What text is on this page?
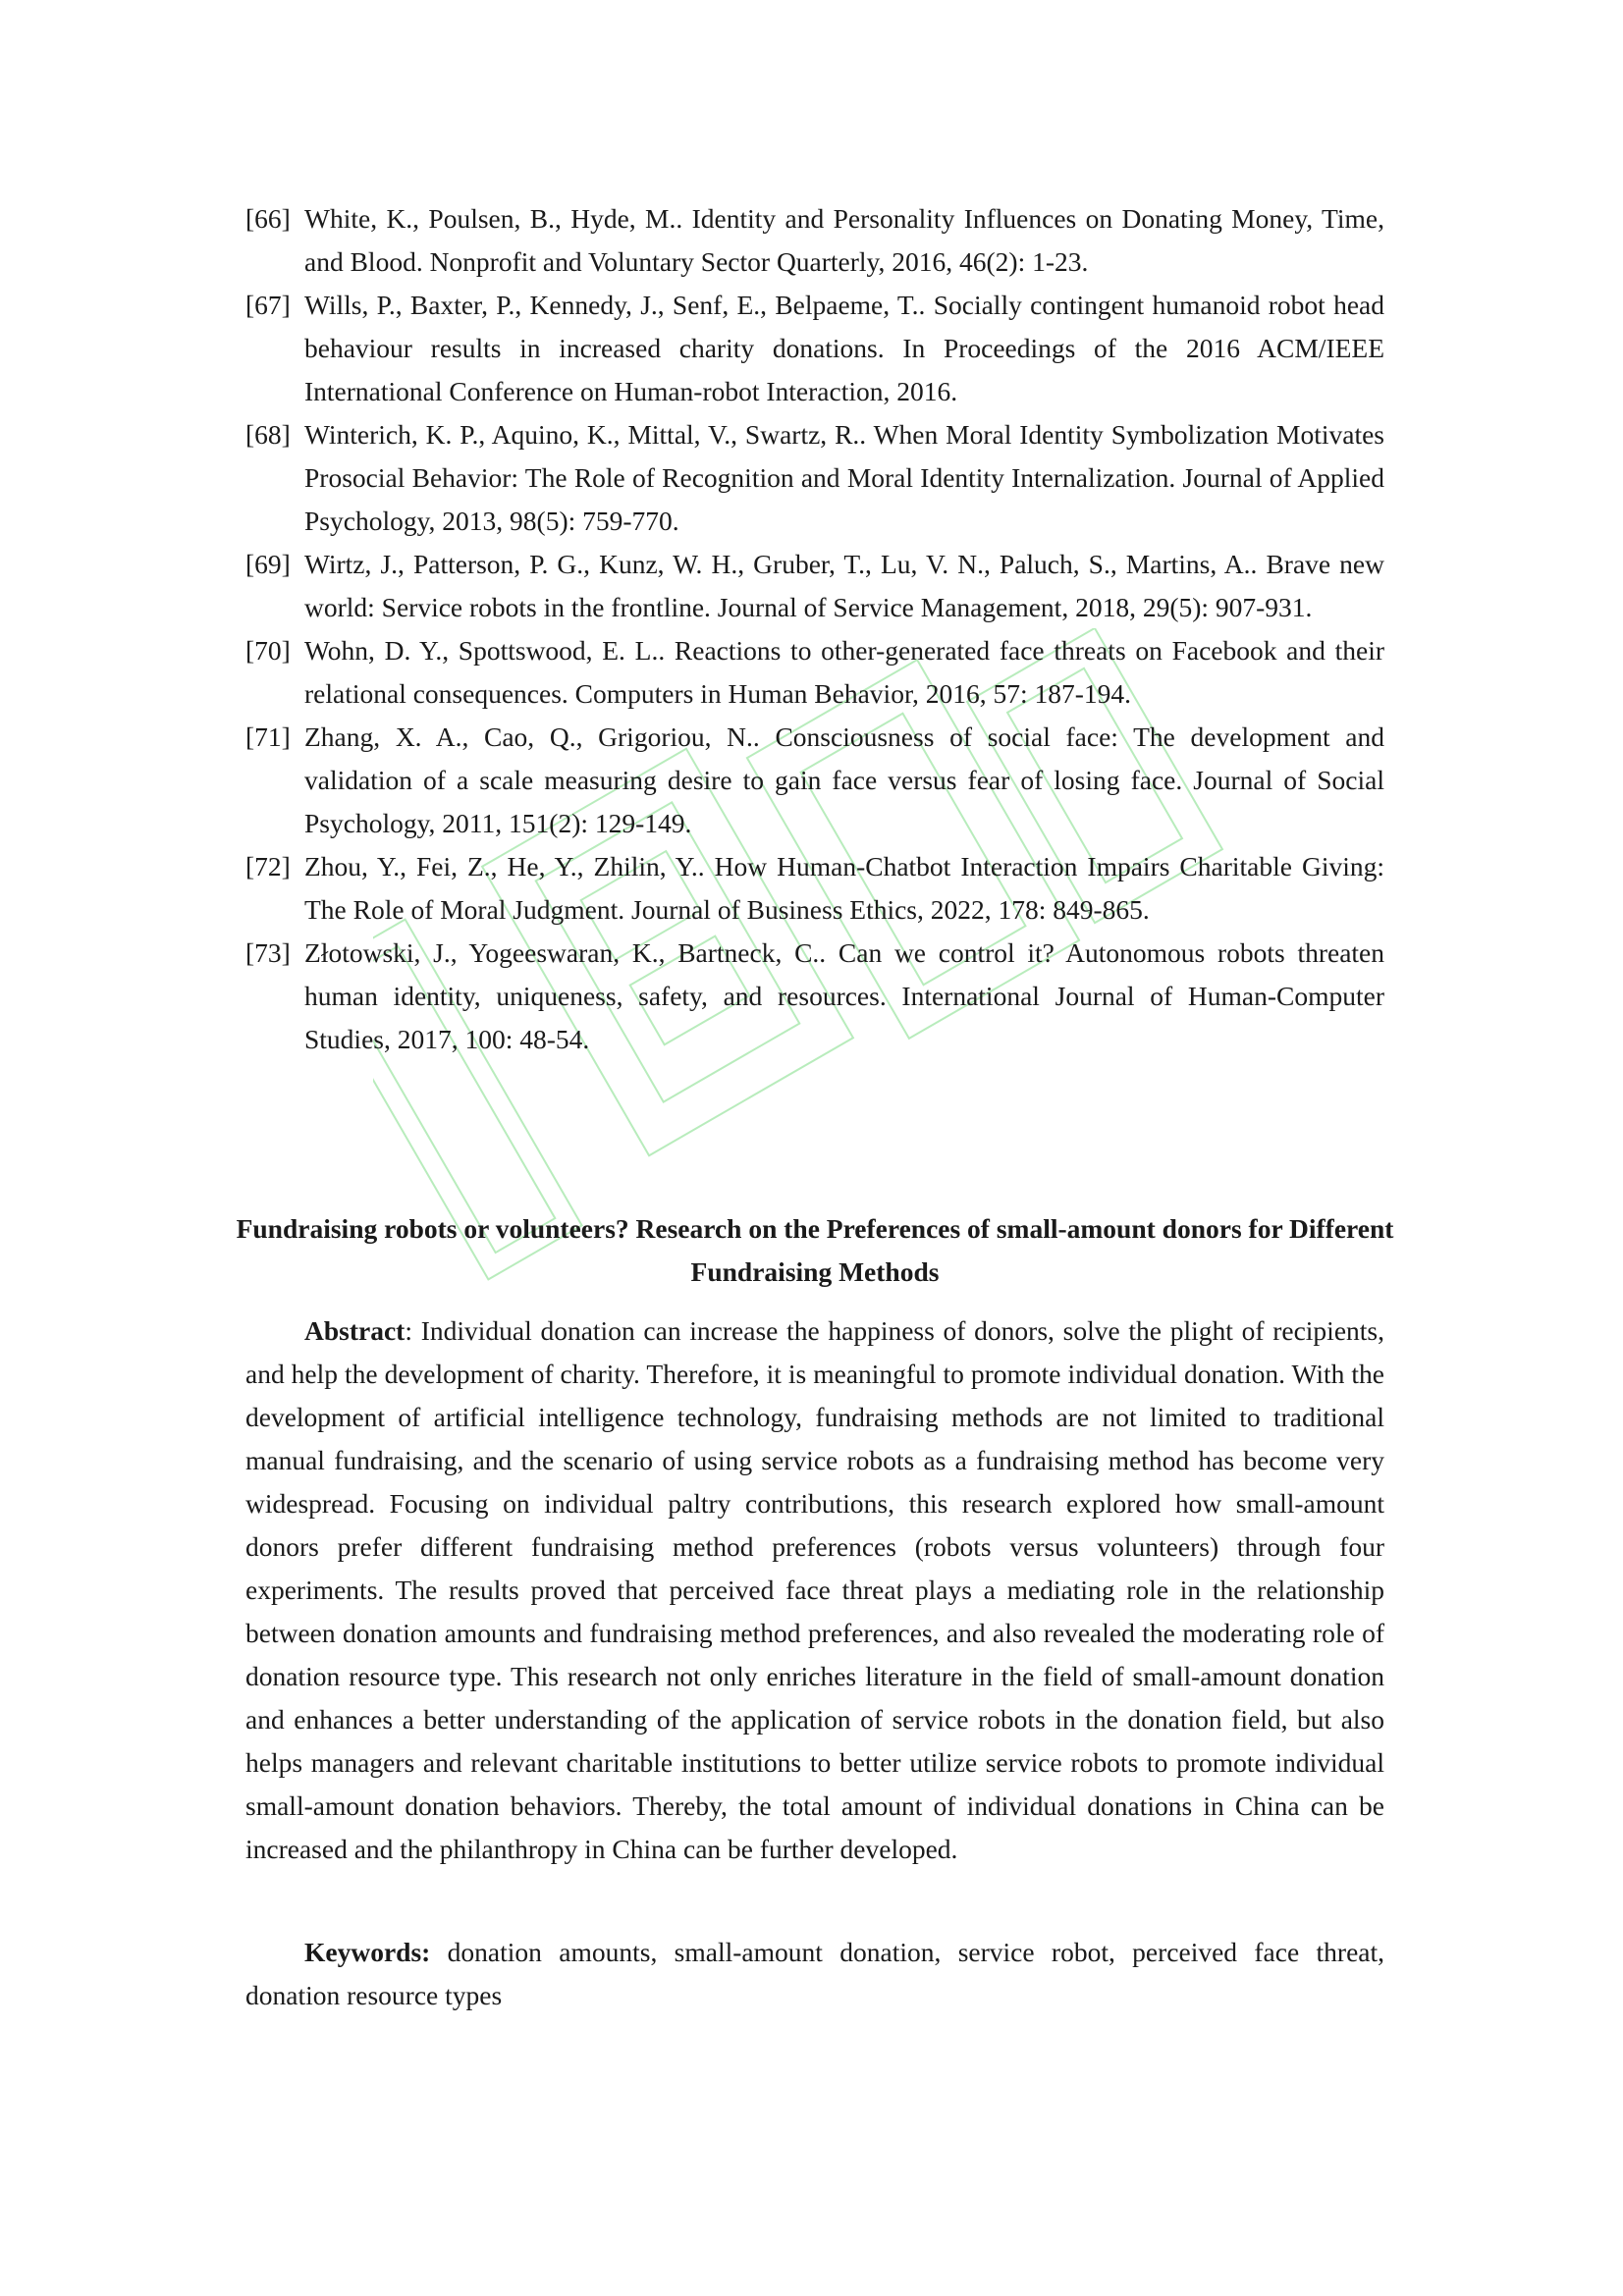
[66] White, K., Poulsen, B., Hyde, M.. Identity and Personality Influences on Donating Money, Time, and Blood. Nonprofit and Voluntary Sector Quarterly, 2016, 46(2): 1-23.
[67] Wills, P., Baxter, P., Kennedy, J., Senf, E., Belpaeme, T.. Socially contingent humanoid robot head behaviour results in increased charity donations. In Proceedings of the 2016 ACM/IEEE International Conference on Human-robot Interaction, 2016.
[68] Winterich, K. P., Aquino, K., Mittal, V., Swartz, R.. When Moral Identity Symbolization Motivates Prosocial Behavior: The Role of Recognition and Moral Identity Internalization. Journal of Applied Psychology, 2013, 98(5): 759-770.
[69] Wirtz, J., Patterson, P. G., Kunz, W. H., Gruber, T., Lu, V. N., Paluch, S., Martins, A.. Brave new world: Service robots in the frontline. Journal of Service Management, 2018, 29(5): 907-931.
[70] Wohn, D. Y., Spottswood, E. L.. Reactions to other-generated face threats on Facebook and their relational consequences. Computers in Human Behavior, 2016, 57: 187-194.
[71] Zhang, X. A., Cao, Q., Grigoriou, N.. Consciousness of social face: The development and validation of a scale measuring desire to gain face versus fear of losing face. Journal of Social Psychology, 2011, 151(2): 129-149.
[72] Zhou, Y., Fei, Z., He, Y., Zhilin, Y.. How Human-Chatbot Interaction Impairs Charitable Giving: The Role of Moral Judgment. Journal of Business Ethics, 2022, 178: 849-865.
[73] Złotowski, J., Yogeeswaran, K., Bartneck, C.. Can we control it? Autonomous robots threaten human identity, uniqueness, safety, and resources. International Journal of Human-Computer Studies, 2017, 100: 48-54.
Fundraising robots or volunteers? Research on the Preferences of small-amount donors for Different Fundraising Methods

Abstract: Individual donation can increase the happiness of donors, solve the plight of recipients, and help the development of charity. Therefore, it is meaningful to promote individual donation. With the development of artificial intelligence technology, fundraising methods are not limited to traditional manual fundraising, and the scenario of using service robots as a fundraising method has become very widespread. Focusing on individual paltry contributions, this research explored how small-amount donors prefer different fundraising method preferences (robots versus volunteers) through four experiments. The results proved that perceived face threat plays a mediating role in the relationship between donation amounts and fundraising method preferences, and also revealed the moderating role of donation resource type. This research not only enriches literature in the field of small-amount donation and enhances a better understanding of the application of service robots in the donation field, but also helps managers and relevant charitable institutions to better utilize service robots to promote individual small-amount donation behaviors. Thereby, the total amount of individual donations in China can be increased and the philanthropy in China can be further developed.

Keywords: donation amounts, small-amount donation, service robot, perceived face threat, donation resource types
